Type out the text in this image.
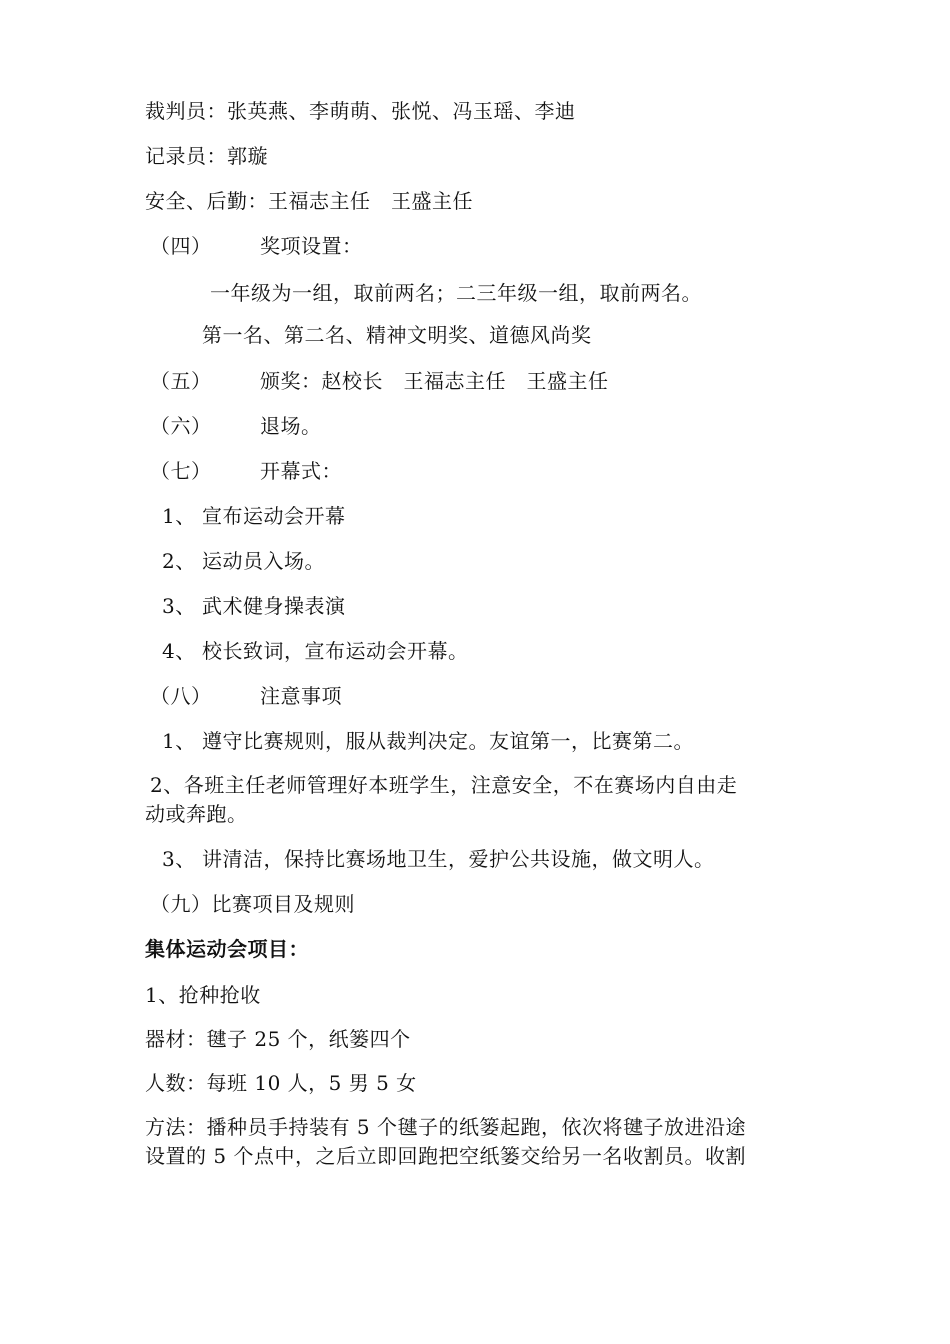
裁判员：张英燕、李萌萌、张悦、冯玉瑶、李迪
记录员：郭璇
安全、后勤：王福志主任　王盛主任
（四） 奖项设置：
一年级为一组，取前两名；二三年级一组，取前两名。
第一名、第二名、精神文明奖、道德风尚奖
（五） 颁奖：赵校长　王福志主任　王盛主任
（六） 退场。
（七） 开幕式：
1、 宣布运动会开幕
2、 运动员入场。
3、 武术健身操表演
4、 校长致词，宣布运动会开幕。
（八） 注意事项
1、 遵守比赛规则，服从裁判决定。友谊第一，比赛第二。
2、各班主任老师管理好本班学生，注意安全，不在赛场内自由走
动或奔跑。
3、 讲清洁，保持比赛场地卫生，爱护公共设施，做文明人。
（九）比赛项目及规则
集体运动会项目：
1、抢种抢收
器材：毽子 25 个，纸篓四个
人数：每班 10 人，5 男 5 女
方法：播种员手持装有 5 个毽子的纸篓起跑，依次将毽子放进沿途
设置的 5 个点中，之后立即回跑把空纸篓交给另一名收割员。收割
